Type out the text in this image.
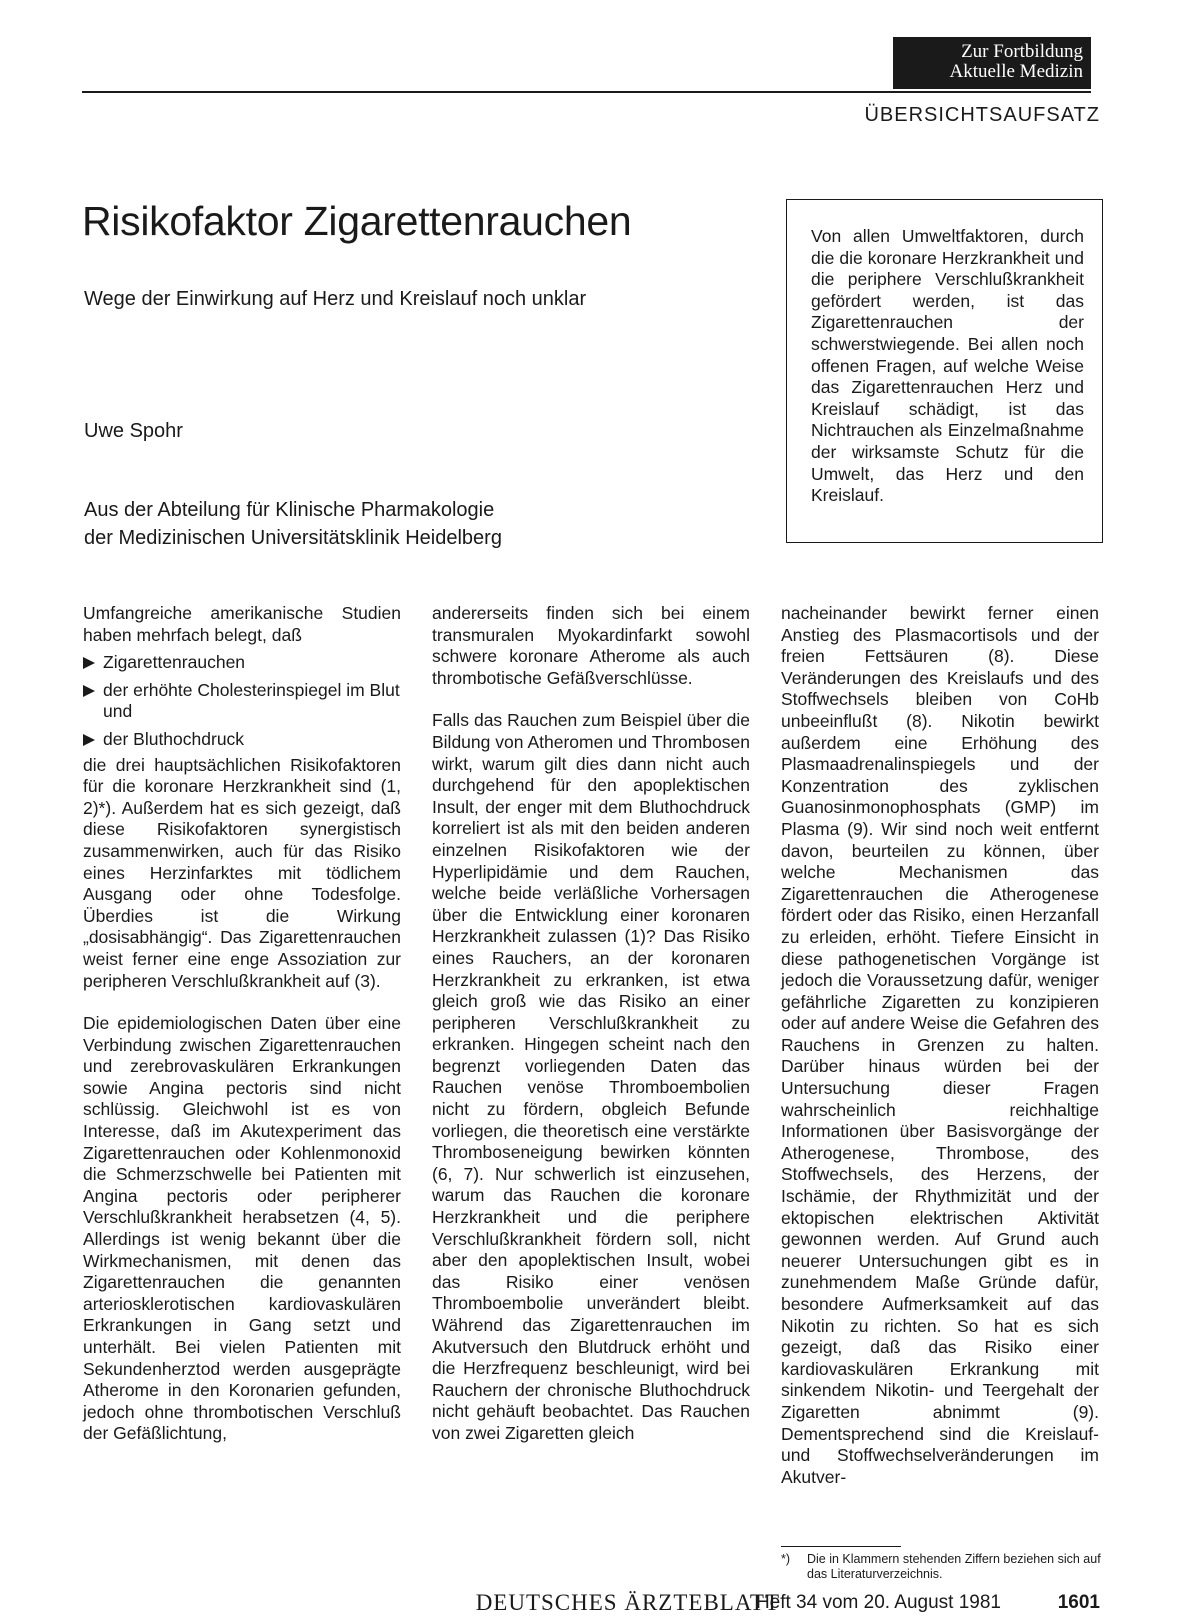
Zur Fortbildung
Aktuelle Medizin
ÜBERSICHTSAUFSATZ
Risikofaktor Zigarettenrauchen
Wege der Einwirkung auf Herz und Kreislauf noch unklar
Uwe Spohr
Aus der Abteilung für Klinische Pharmakologie
der Medizinischen Universitätsklinik Heidelberg

Von allen Umweltfaktoren, durch die die koronare Herzkrankheit und die periphere Verschlußkrankheit gefördert werden, ist das Zigarettenrauchen der schwerstwiegende. Bei allen noch offenen Fragen, auf welche Weise das Zigarettenrauchen Herz und Kreislauf schädigt, ist das Nichtrauchen als Einzelmaßnahme der wirksamste Schutz für die Umwelt, das Herz und den Kreislauf.

Umfangreiche amerikanische Studien haben mehrfach belegt, daß

Zigarettenrauchen
der erhöhte Cholesterinspiegel im Blut und
der Bluthochdruck

die drei hauptsächlichen Risikofaktoren für die koronare Herzkrankheit sind (1, 2)*). Außerdem hat es sich gezeigt, daß diese Risikofaktoren synergistisch zusammenwirken, auch für das Risiko eines Herzinfarktes mit tödlichem Ausgang oder ohne Todesfolge. Überdies ist die Wirkung „dosisabhängig“. Das Zigarettenrauchen weist ferner eine enge Assoziation zur peripheren Verschlußkrankheit auf (3).

Die epidemiologischen Daten über eine Verbindung zwischen Zigarettenrauchen und zerebrovaskulären Erkrankungen sowie Angina pectoris sind nicht schlüssig. Gleichwohl ist es von Interesse, daß im Akutexperiment das Zigarettenrauchen oder Kohlenmonoxid die Schmerzschwelle bei Patienten mit Angina pectoris oder peripherer Verschlußkrankheit herabsetzen (4, 5). Allerdings ist wenig bekannt über die Wirkmechanismen, mit denen das Zigarettenrauchen die genannten arteriosklerotischen kardiovaskulären Erkrankungen in Gang setzt und unterhält. Bei vielen Patienten mit Sekundenherztod werden ausgeprägte Atherome in den Koronarien gefunden, jedoch ohne thrombotischen Verschluß der Gefäßlichtung,

andererseits finden sich bei einem transmuralen Myokardinfarkt sowohl schwere koronare Atherome als auch thrombotische Gefäßverschlüsse.

Falls das Rauchen zum Beispiel über die Bildung von Atheromen und Thrombosen wirkt, warum gilt dies dann nicht auch durchgehend für den apoplektischen Insult, der enger mit dem Bluthochdruck korreliert ist als mit den beiden anderen einzelnen Risikofaktoren wie der Hyperlipidämie und dem Rauchen, welche beide verläßliche Vorhersagen über die Entwicklung einer koronaren Herzkrankheit zulassen (1)? Das Risiko eines Rauchers, an der koronaren Herzkrankheit zu erkranken, ist etwa gleich groß wie das Risiko an einer peripheren Verschlußkrankheit zu erkranken. Hingegen scheint nach den begrenzt vorliegenden Daten das Rauchen venöse Thromboembolien nicht zu fördern, obgleich Befunde vorliegen, die theoretisch eine verstärkte Thromboseneigung bewirken könnten (6, 7). Nur schwerlich ist einzusehen, warum das Rauchen die koronare Herzkrankheit und die periphere Verschlußkrankheit fördern soll, nicht aber den apoplektischen Insult, wobei das Risiko einer venösen Thromboembolie unverändert bleibt. Während das Zigarettenrauchen im Akutversuch den Blutdruck erhöht und die Herzfrequenz beschleunigt, wird bei Rauchern der chronische Bluthochdruck nicht gehäuft beobachtet. Das Rauchen von zwei Zigaretten gleich

nacheinander bewirkt ferner einen Anstieg des Plasmacortisols und der freien Fettsäuren (8). Diese Veränderungen des Kreislaufs und des Stoffwechsels bleiben von CoHb unbeeinflußt (8). Nikotin bewirkt außerdem eine Erhöhung des Plasmaadrenalinspiegels und der Konzentration des zyklischen Guanosinmonophosphats (GMP) im Plasma (9). Wir sind noch weit entfernt davon, beurteilen zu können, über welche Mechanismen das Zigarettenrauchen die Atherogenese fördert oder das Risiko, einen Herzanfall zu erleiden, erhöht. Tiefere Einsicht in diese pathogenetischen Vorgänge ist jedoch die Voraussetzung dafür, weniger gefährliche Zigaretten zu konzipieren oder auf andere Weise die Gefahren des Rauchens in Grenzen zu halten. Darüber hinaus würden bei der Untersuchung dieser Fragen wahrscheinlich reichhaltige Informationen über Basisvorgänge der Atherogenese, Thrombose, des Stoffwechsels, des Herzens, der Ischämie, der Rhythmizität und der ektopischen elektrischen Aktivität gewonnen werden. Auf Grund auch neuerer Untersuchungen gibt es in zunehmendem Maße Gründe dafür, besondere Aufmerksamkeit auf das Nikotin zu richten. So hat es sich gezeigt, daß das Risiko einer kardiovaskulären Erkrankung mit sinkendem Nikotin- und Teergehalt der Zigaretten abnimmt (9). Dementsprechend sind die Kreislauf- und Stoffwechselveränderungen im Akutver-

*)	Die in Klammern stehenden Ziffern beziehen sich auf das Literaturverzeichnis.
DEUTSCHES ÄRZTEBLATT
Heft 34 vom 20. August 1981	1601
